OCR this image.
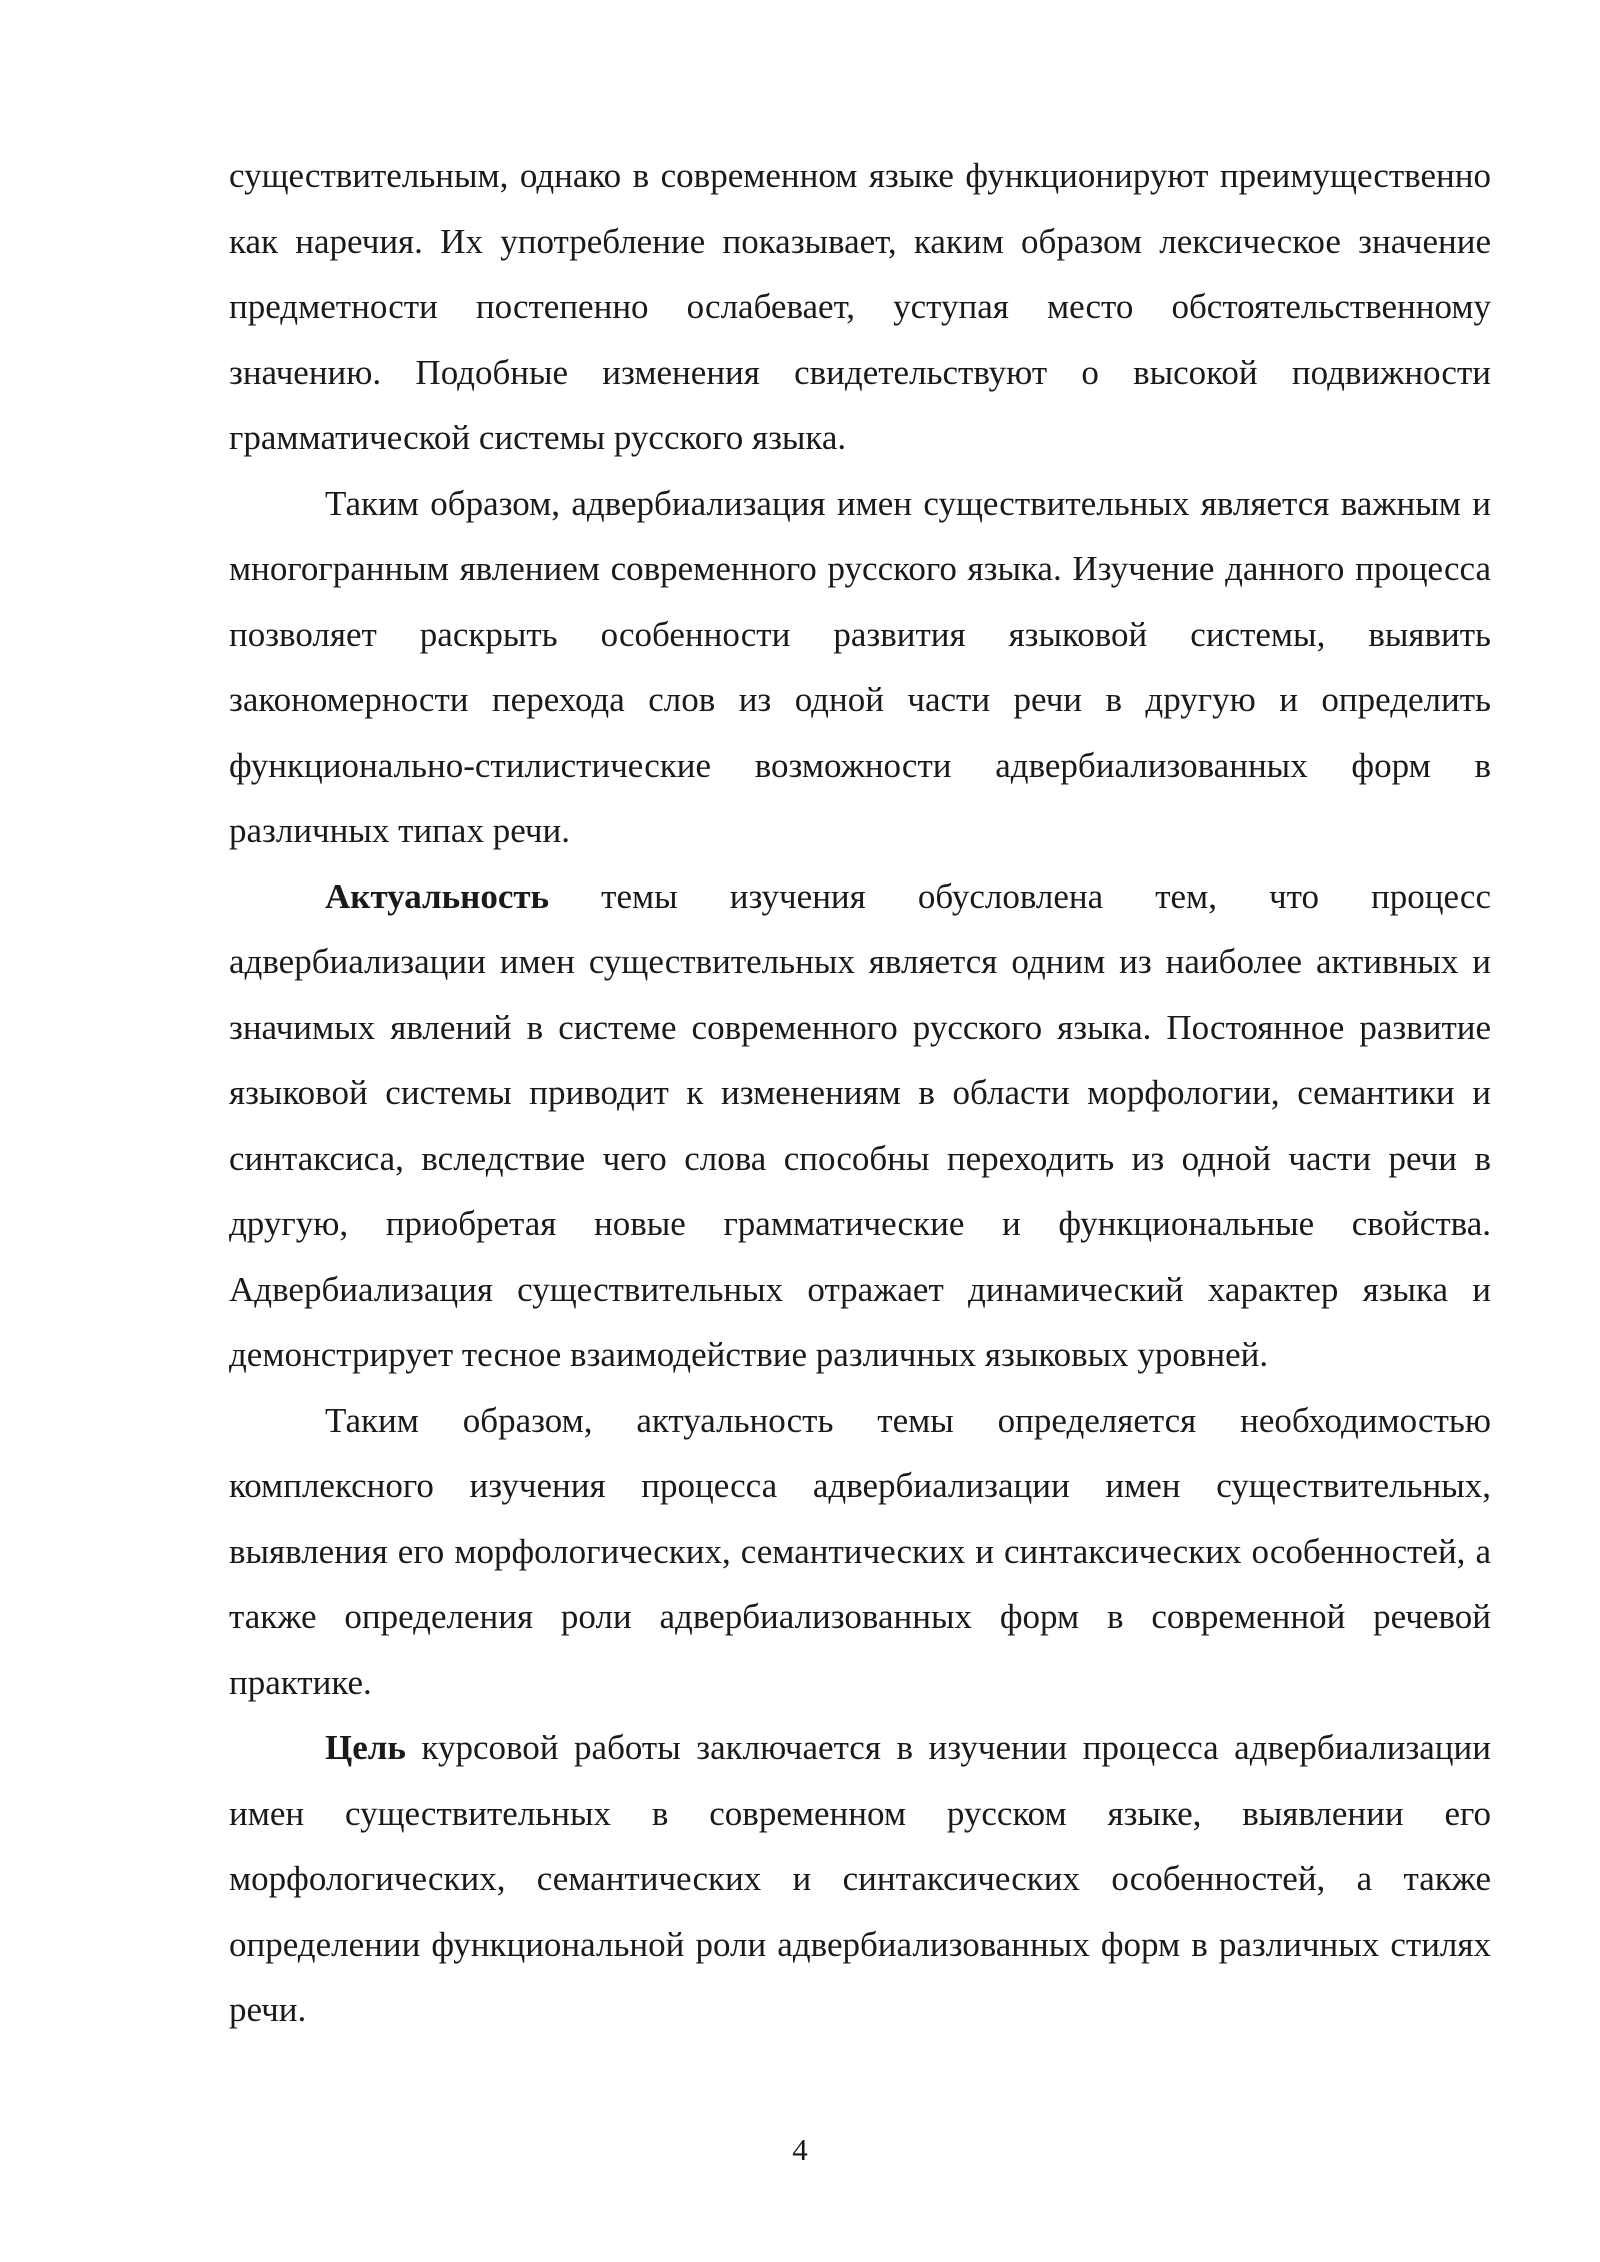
существительным, однако в современном языке функционируют преимущественно как наречия. Их употребление показывает, каким образом лексическое значение предметности постепенно ослабевает, уступая место обстоятельственному значению. Подобные изменения свидетельствуют о высокой подвижности грамматической системы русского языка.

Таким образом, адвербиализация имен существительных является важным и многогранным явлением современного русского языка. Изучение данного процесса позволяет раскрыть особенности развития языковой системы, выявить закономерности перехода слов из одной части речи в другую и определить функционально-стилистические возможности адвербиализованных форм в различных типах речи.

Актуальность темы изучения обусловлена тем, что процесс адвербиализации имен существительных является одним из наиболее активных и значимых явлений в системе современного русского языка. Постоянное развитие языковой системы приводит к изменениям в области морфологии, семантики и синтаксиса, вследствие чего слова способны переходить из одной части речи в другую, приобретая новые грамматические и функциональные свойства. Адвербиализация существительных отражает динамический характер языка и демонстрирует тесное взаимодействие различных языковых уровней.

Таким образом, актуальность темы определяется необходимостью комплексного изучения процесса адвербиализации имен существительных, выявления его морфологических, семантических и синтаксических особенностей, а также определения роли адвербиализованных форм в современной речевой практике.

Цель курсовой работы заключается в изучении процесса адвербиализации имен существительных в современном русском языке, выявлении его морфологических, семантических и синтаксических особенностей, а также определении функциональной роли адвербиализованных форм в различных стилях речи.

4
